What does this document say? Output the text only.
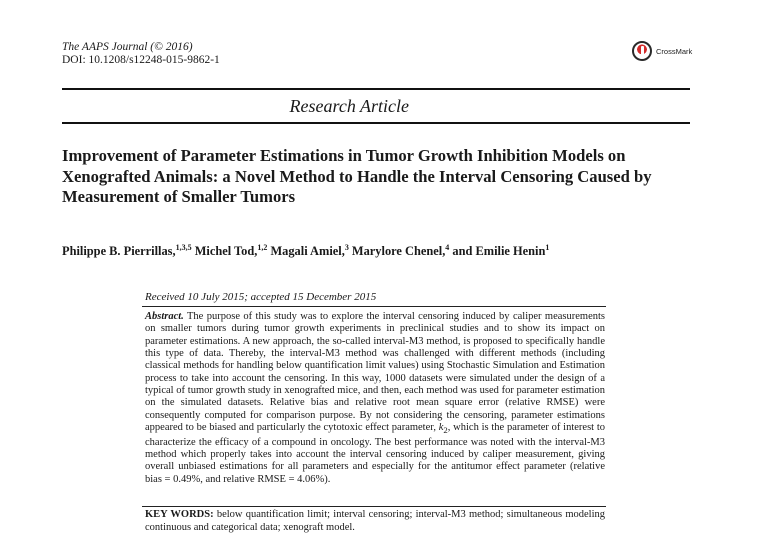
The AAPS Journal (© 2016)
DOI: 10.1208/s12248-015-9862-1
CrossMark
Research Article
Improvement of Parameter Estimations in Tumor Growth Inhibition Models on Xenografted Animals: a Novel Method to Handle the Interval Censoring Caused by Measurement of Smaller Tumors
Philippe B. Pierrillas,$^{1,3,5}$ Michel Tod,$^{1,2}$ Magali Amiel,$^3$ Marylore Chenel,$^4$ and Emilie Henin$^1$
Received 10 July 2015; accepted 15 December 2015
Abstract. The purpose of this study was to explore the interval censoring induced by caliper measurements on smaller tumors during tumor growth experiments in preclinical studies and to show its impact on parameter estimations. A new approach, the so-called interval-M3 method, is proposed to specifically handle this type of data. Thereby, the interval-M3 method was challenged with different methods (including classical methods for handling below quantification limit values) using Stochastic Simulation and Estimation process to take into account the censoring. In this way, 1000 datasets were simulated under the design of a typical of tumor growth study in xenografted mice, and then, each method was used for parameter estimation on the simulated datasets. Relative bias and relative root mean square error (relative RMSE) were consequently computed for comparison purpose. By not considering the censoring, parameter estimations appeared to be biased and particularly the cytotoxic effect parameter, $k_2$, which is the parameter of interest to characterize the efficacy of a compound in oncology. The best performance was noted with the interval-M3 method which properly takes into account the interval censoring induced by caliper measurement, giving overall unbiased estimations for all parameters and especially for the antitumor effect parameter (relative bias = 0.49%, and relative RMSE = 4.06%).
KEY WORDS: below quantification limit; interval censoring; interval-M3 method; simultaneous modeling continuous and categorical data; xenograft model.
